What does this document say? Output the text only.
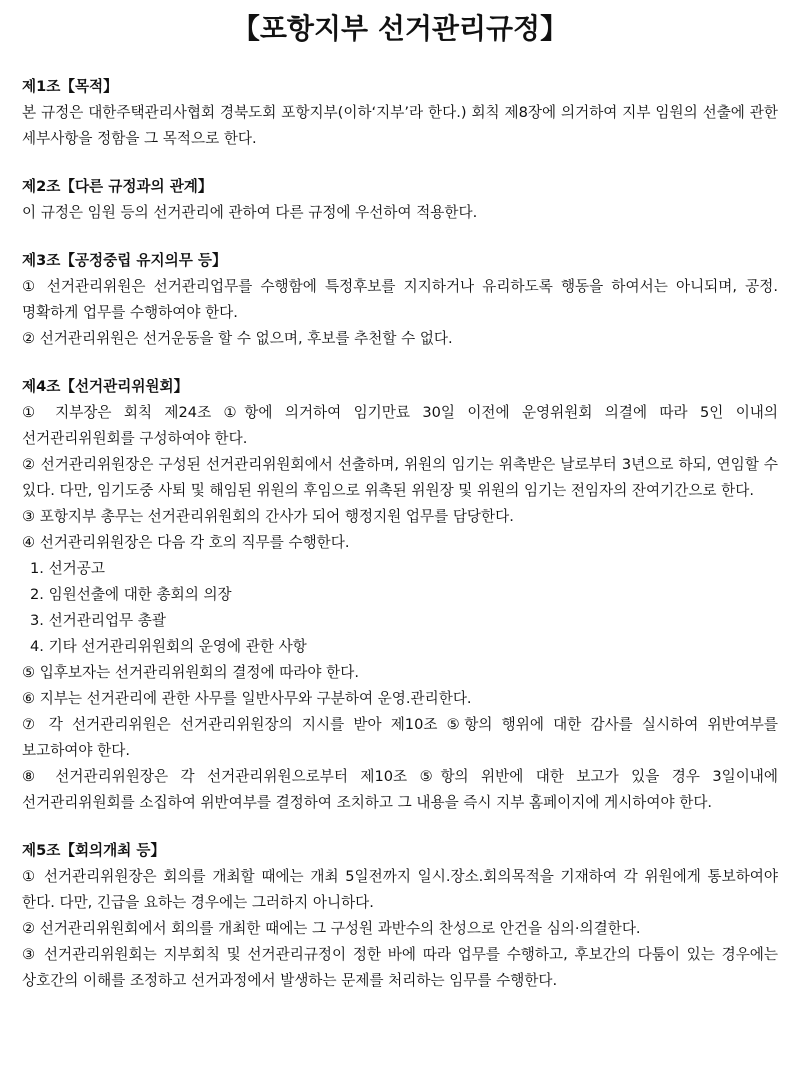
【포항지부 선거관리규정】
제1조【목적】
본 규정은 대한주택관리사협회 경북도회 포항지부(이하‘지부’라 한다.) 회칙 제8장에 의거하여 지부 임원의 선출에 관한 세부사항을 정함을 그 목적으로 한다.
제2조【다른 규정과의 관계】
이 규정은 임원 등의 선거관리에 관하여 다른 규정에 우선하여 적용한다.
제3조【공정중립 유지의무 등】
① 선거관리위원은 선거관리업무를 수행함에 특정후보를 지지하거나 유리하도록 행동을 하여서는 아니되며, 공정.명확하게 업무를 수행하여야 한다.
② 선거관리위원은 선거운동을 할 수 없으며, 후보를 추천할 수 없다.
제4조【선거관리위원회】
① 지부장은 회칙 제24조 ①항에 의거하여 임기만료 30일 이전에 운영위원회 의결에 따라 5인 이내의 선거관리위원회를 구성하여야 한다.
② 선거관리위원장은 구성된 선거관리위원회에서 선출하며, 위원의 임기는 위촉받은 날로부터 3년으로 하되, 연임할 수 있다. 다만, 임기도중 사퇴 및 해임된 위원의 후임으로 위촉된 위원장 및 위원의 임기는 전임자의 잔여기간으로 한다.
③ 포항지부 총무는 선거관리위원회의 간사가 되어 행정지원 업무를 담당한다.
④ 선거관리위원장은 다음 각 호의 직무를 수행한다.
1. 선거공고
2. 임원선출에 대한 총회의 의장
3. 선거관리업무 총괄
4. 기타 선거관리위원회의 운영에 관한 사항
⑤ 입후보자는 선거관리위원회의 결정에 따라야 한다.
⑥ 지부는 선거관리에 관한 사무를 일반사무와 구분하여 운영.관리한다.
⑦ 각 선거관리위원은 선거관리위원장의 지시를 받아 제10조 ⑤항의 행위에 대한 감사를 실시하여 위반여부를 보고하여야 한다.
⑧ 선거관리위원장은 각 선거관리위원으로부터 제10조 ⑤항의 위반에 대한 보고가 있을 경우 3일이내에 선거관리위원회를 소집하여 위반여부를 결정하여 조치하고 그 내용을 즉시 지부 홈페이지에 게시하여야 한다.
제5조【회의개최 등】
① 선거관리위원장은 회의를 개최할 때에는 개최 5일전까지 일시.장소.회의목적을 기재하여 각 위원에게 통보하여야 한다. 다만, 긴급을 요하는 경우에는 그러하지 아니하다.
② 선거관리위원회에서 회의를 개최한 때에는 그 구성원 과반수의 찬성으로 안건을 심의·의결한다.
③ 선거관리위원회는 지부회칙 및 선거관리규정이 정한 바에 따라 업무를 수행하고, 후보간의 다툼이 있는 경우에는 상호간의 이해를 조정하고 선거과정에서 발생하는 문제를 처리하는 임무를 수행한다.
